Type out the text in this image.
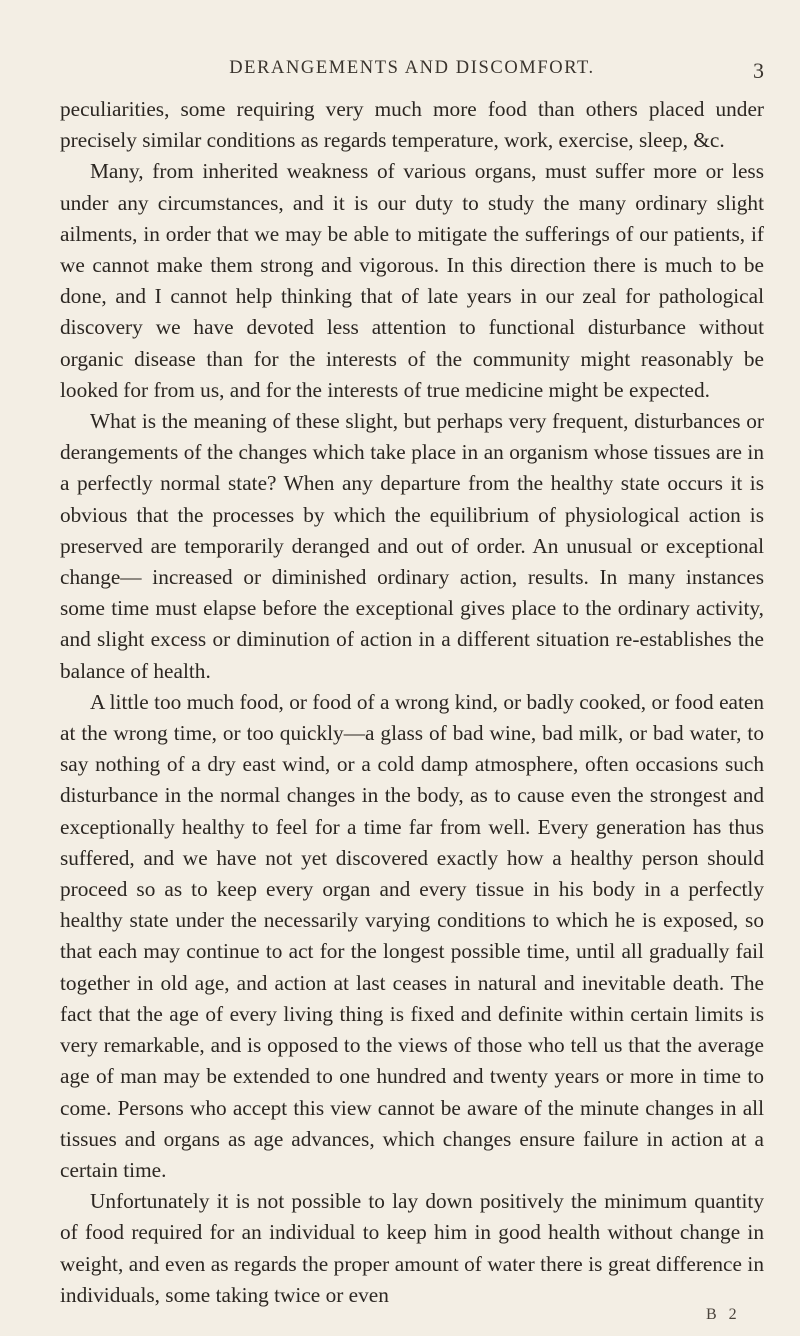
DERANGEMENTS AND DISCOMFORT.	3

peculiarities, some requiring very much more food than others placed under precisely similar conditions as regards temperature, work, exercise, sleep, &c.

Many, from inherited weakness of various organs, must suffer more or less under any circumstances, and it is our duty to study the many ordinary slight ailments, in order that we may be able to mitigate the sufferings of our patients, if we cannot make them strong and vigorous. In this direction there is much to be done, and I cannot help thinking that of late years in our zeal for pathological discovery we have devoted less attention to functional disturbance without organic disease than for the interests of the community might reasonably be looked for from us, and for the interests of true medicine might be expected.

What is the meaning of these slight, but perhaps very frequent, disturbances or derangements of the changes which take place in an organism whose tissues are in a perfectly normal state? When any departure from the healthy state occurs it is obvious that the processes by which the equilibrium of physiological action is preserved are temporarily deranged and out of order. An unusual or exceptional change— increased or diminished ordinary action, results. In many instances some time must elapse before the exceptional gives place to the ordinary activity, and slight excess or diminution of action in a different situation re-establishes the balance of health.

A little too much food, or food of a wrong kind, or badly cooked, or food eaten at the wrong time, or too quickly—a glass of bad wine, bad milk, or bad water, to say nothing of a dry east wind, or a cold damp atmosphere, often occasions such disturbance in the normal changes in the body, as to cause even the strongest and exceptionally healthy to feel for a time far from well. Every generation has thus suffered, and we have not yet discovered exactly how a healthy person should proceed so as to keep every organ and every tissue in his body in a perfectly healthy state under the necessarily varying conditions to which he is exposed, so that each may continue to act for the longest possible time, until all gradually fail together in old age, and action at last ceases in natural and inevitable death. The fact that the age of every living thing is fixed and definite within certain limits is very remarkable, and is opposed to the views of those who tell us that the average age of man may be extended to one hundred and twenty years or more in time to come. Persons who accept this view cannot be aware of the minute changes in all tissues and organs as age advances, which changes ensure failure in action at a certain time.

Unfortunately it is not possible to lay down positively the minimum quantity of food required for an individual to keep him in good health without change in weight, and even as regards the proper amount of water there is great difference in individuals, some taking twice or even

B 2
